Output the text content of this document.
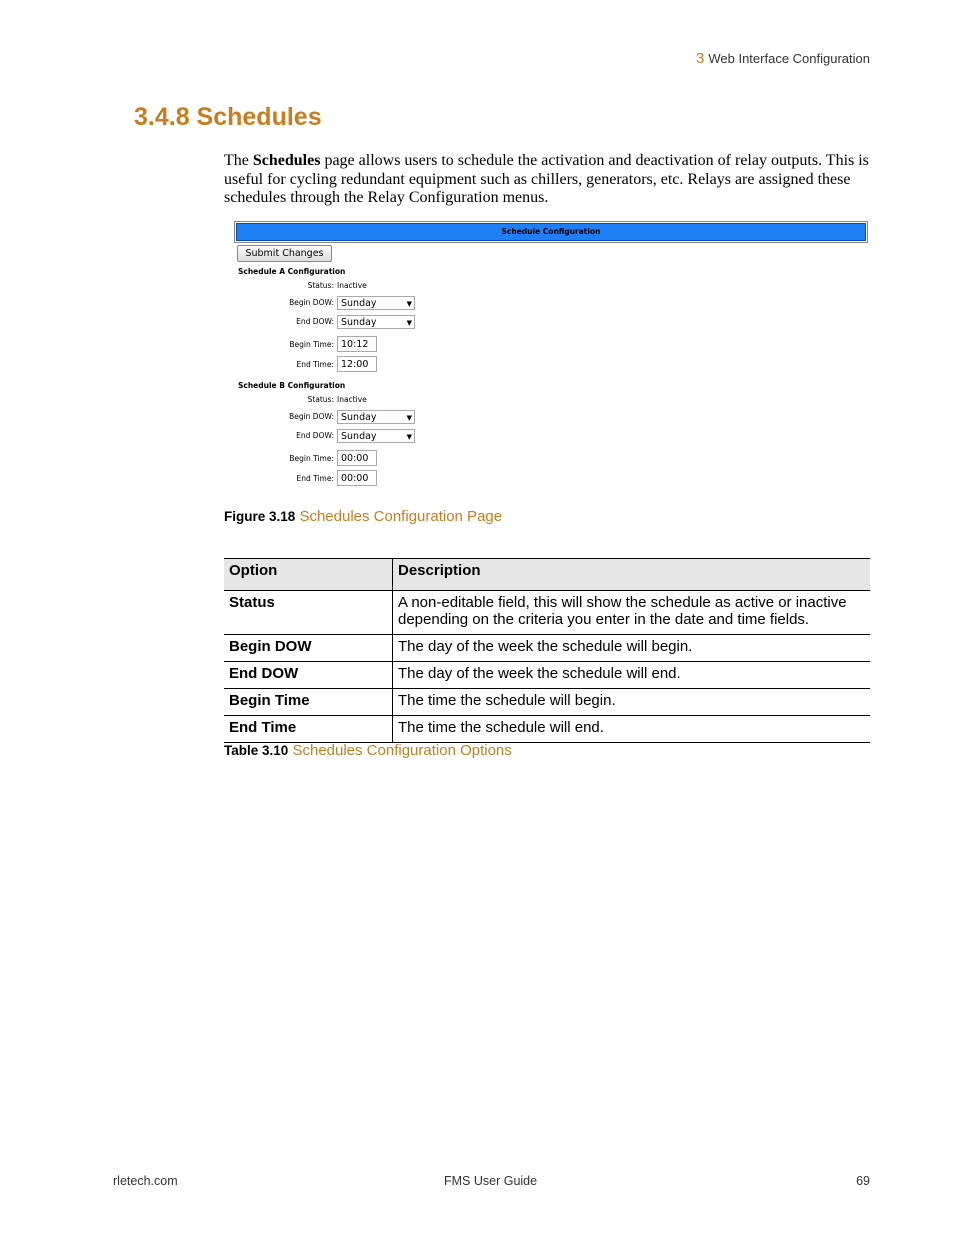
3 Web Interface Configuration
3.4.8 Schedules

The Schedules page allows users to schedule the activation and deactivation of relay outputs. This is useful for cycling redundant equipment such as chillers, generators, etc. Relays are assigned these schedules through the Relay Configuration menus.

Schedule Configuration
Submit Changes
Schedule A Configuration
Status: Inactive
Begin DOW: Sunday	▼
End DOW: Sunday	▼
Begin Time: 10:12
End Time: 12:00
Schedule B Configuration
Status: Inactive
Begin DOW: Sunday	▼
End DOW: Sunday	▼
Begin Time: 00:00
End Time: 00:00
Figure 3.18 Schedules Configuration Page
Option	Description
Status	A non-editable field, this will show the schedule as active or inactive depending on the criteria you enter in the date and time fields.
Begin DOW	The day of the week the schedule will begin.
End DOW	The day of the week the schedule will end.
Begin Time	The time the schedule will begin.
End Time	The time the schedule will end.
Table 3.10 Schedules Configuration Options
rletech.com	FMS User Guide	69
